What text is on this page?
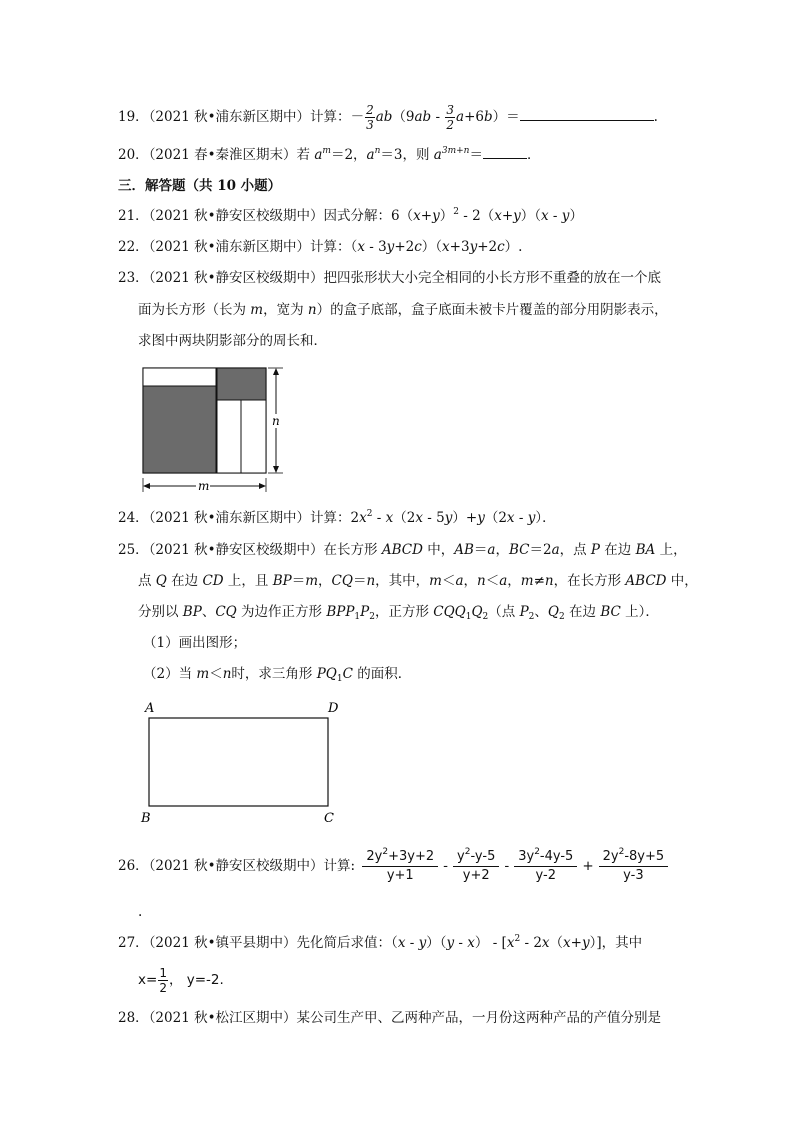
19．（2021 秋•浦东新区期中）计算：－ $\frac{2}{3} ab(9ab - \frac{3}{2} a+6b)=$	.
20．（2021 春•秦淮区期末）若 $a^m=2$，$a^n=3$，则 $a^{3m+n}=$	．
三．解答题（共 10 小题）
21．（2021 秋•静安区校级期中）因式分解：$6(x+y)^2 - 2(x+y)(x - y)$
22．（2021 秋•浦东新区期中）计算：（x - 3y+2c）（x+3y+2c）.
23．（2021 秋•静安区校级期中）把四张形状大小完全相同的小长方形不重叠的放在一个底
面为长方形（长为 m，宽为 n）的盒子底部，盒子底面未被卡片覆盖的部分用阴影表示，
求图中两块阴影部分的周长和．
n
m
24．（2021 秋•浦东新区期中）计算：$2x^2 - x(2x - 5y)+y(2x - y)$．
25．（2021 秋•静安区校级期中）在长方形 ABCD 中，AB＝a，BC＝2a，点 P 在边 BA 上，
点 Q 在边 CD 上，且 BP＝m，CQ＝n，其中，m＜a，n＜a，m≠n，在长方形 ABCD 中，
分别以 BP、CQ 为边作正方形 $BPP_1P_2$，正方形 $CQQ_1Q_2$（点 $P_2$、$Q_2$ 在边 BC 上）．
（1）画出图形；
（2）当 m＜n时，求三角形 $PQ_1C$ 的面积．
A	D
B	C
26．（2021 秋•静安区校级期中）计算: $\frac{2y^2+3y+2}{y+1} - \frac{y^2-y-5}{y+2} - \frac{3y^2-4y-5}{y-2} + \frac{2y^2-8y+5}{y-3}$
.
27．（2021 秋•镇平县期中）先化简后求值：$(x - y)(y - x) - [x^2 - 2x(x+y)]$，其中
$x= \frac{1}{2}$ ， y=-2.
28．（2021 秋•松江区期中）某公司生产甲、乙两种产品，一月份这两种产品的产值分别是
